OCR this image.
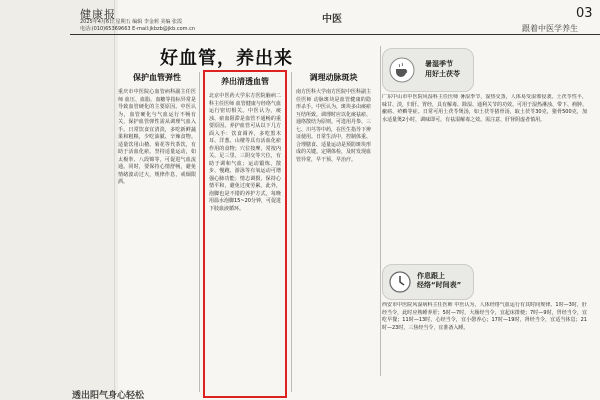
健康报
2025年4月6日 星期五 编辑 李金莉 美编 张霞
电话:(010)65369663 E-mail:jkbzb@jkb.com.cn
中医	03
跟着中医学养生
好血管，养出来
保护血管弹性

重庆市中医院心血管病科副主任医师 血压、血脂、血糖等指标异常是导致血管硬化的主要原因。中医认为，血管硬化与气血运行不畅有关，保护血管弹性需从调理气血入手。日常饮食宜清淡，多吃新鲜蔬果和粗粮，少吃油腻、辛辣食物。适量饮用山楂、菊花等代茶饮，有助于活血化瘀。坚持适量运动，如太极拳、八段锦等，可促进气血流通。同时，要保持心情舒畅，避免情绪波动过大，规律作息，戒烟限酒。

养出清透血管

北京中医药大学东方医院脑病二科主任医师 血管健康与经络气血运行密切相关。中医认为，痰浊、瘀血阻滞是血管不通畅的重要原因。养护血管可从以下几方面入手：饮食调养，多吃黑木耳、洋葱、山楂等具有活血化瘀作用的食物；穴位按摩，常按内关、足三里、三阴交等穴位，有助于调和气血；运动锻炼，散步、慢跑、游泳等有氧运动可增强心肺功能；情志调摄，保持心情平和，避免过度劳累。此外，泡脚也是不错的养护方式，每晚用温水泡脚15~20分钟，可促进下肢血液循环。

调理动脉斑块

南方医科大学南方医院中医科副主任医师 动脉斑块是血管健康的隐形杀手。中医认为，斑块多由痰瘀互结所致。调理时应以化痰祛瘀、通络散结为原则。可选用丹参、三七、川芎等中药，在医生指导下辨证使用。日常生活中，控制体重、合理膳食、适量运动是预防斑块形成的关键。定期体检，及时发现血管异常，早干预、早治疗。

暑湿季节
用好土茯苓

广东中山市中医院风湿科主任医师 暑湿季节，湿热交蒸，人体易受湿邪侵袭。土茯苓性平，味甘、淡，归肝、胃经，具有解毒、除湿、通利关节的功效。可用于湿热淋浊、带下、痈肿、瘰疬、疥癣等症。日常可用土茯苓煲汤，如土茯苓猪骨汤，取土茯苓30克，猪骨500克，加水适量煲2小时，调味即可，有祛湿解毒之效。需注意，肝肾阴虚者慎用。

作息跟上
经络“时间表”

西安市中医院风湿病科主任医师 中医认为，人体经络气血运行有其时间规律。1时—3时，肝经当令，此时应熟睡养肝；5时—7时，大肠经当令，宜起床排便；7时—9时，胃经当令，宜吃早餐；11时—13时，心经当令，宜小憩养心；17时—19时，肾经当令，宜适当休息；21时—23时，三焦经当令，宜准备入睡。

透出阳气身心轻松
